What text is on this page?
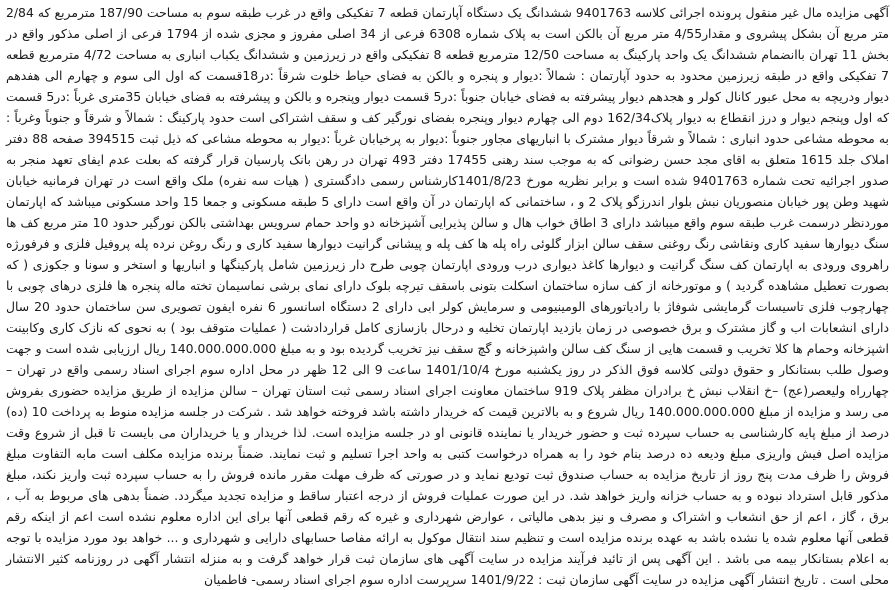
آگهی مزایده مال غیر منقول پرونده اجرائی کلاسه 9401763 ششدانگ یک دستگاه آپارتمان قطعه 7 تفکیکی واقع در غرب طبقه سوم به مساحت 187/90 مترمربع که 2/84 متر مربع آن بشکل پیشروی و مقدار4/55 متر مربع آن بالکن است به پلاک شماره 6308 فرعی از 34 اصلی مفروز و مجزی شده از 1794 فرعی از اصلی مذکور واقع در بخش 11 تهران باانضمام ششدانگ یک واحد پارکینگ به مساحت 12/50 مترمربع قطعه 8 تفکیکی واقع در زیرزمین و ششدانگ یکباب انباری به مساحت 4/72 مترمربع قطعه 7 تفکیکی واقع در طبقه زیرزمین محدود به حدود آپارتمان : شمالاً :دیوار و پنجره و بالکن به فضای حیاط خلوت شرقاً :در18قسمت که اول الی سوم و چهارم الی هفدهم دیوار ودریچه به محل عبور کانال کولر و هجدهم دیوار پیشرفته به فضای خیابان جنوباً :در5 قسمت دیوار وپنجره و بالکن و پیشرفته به فضای خیابان 35متری غرباً :در5 قسمت که اول وپنجم دیوار و درز انقطاع به دیوار پلاک162/34 دوم الی چهارم دیوار وپنجره بفضای نورگیر کف و سقف اشتراکی است حدود پارکینگ : شمالاً و شرقاً و جنوباً وغرباً : به محوطه مشاعی حدود انباری : شمالاً و شرقاً دیوار مشترک با انباریهای مجاور جنوباً :دیوار به پرخیابان غرباً :دیوار به محوطه مشاعی که ذیل ثبت 394515 صفحه 88 دفتر املاک جلد 1615 متعلق به اقای مجد حسن رضوانی که به موجب سند رهنی 17455 دفتر 493 تهران در رهن بانک پارسیان قرار گرفته که بعلت عدم ایفای تعهد منجر به صدور اجرائیه تحت شماره 9401763 شده است و برابر نظریه مورخ 1401/8/23کارشناس رسمی دادگستری ( هیات سه نفره) ملک واقع است در تهران فرمانیه خیابان شهید وطن پور خیابان منصوریان نبش بلوار اندرزگو پلاک 2 و ، ساختمانی که اپارتمان در آن واقع است دارای 5 طبقه مسکونی و جمعا 15 واحد مسکونی میباشد که اپارتمان موردنظر درسمت غرب طبقه سوم واقع میباشد دارای 3 اطاق خواب هال و سالن پذیرایی آشپزخانه دو واحد حمام سرویس بهداشتی بالکن نورگیر حدود 10 متر مربع کف ها سنگ دیوارها سفید کاری ونقاشی رنگ روغنی سقف سالن ابزار گلوئی راه پله ها کف پله و پیشانی گرانیت دیوارها سفید کاری و رنگ روغن نرده پله پروفیل فلزی و فرفورژه راهروی ورودی به اپارتمان کف سنگ گرانیت و دیوارها کاغذ دیواری درب ورودی اپارتمان چوبی طرح دار زیرزمین شامل پارکینگها و انباریها و استخر و سونا و جکوزی ( که بصورت تعطیل مشاهده گردید ) و موتورخانه از کف سازه ساختمان اسکلت بتونی باسقف تیرچه بلوک دارای نمای برشی نماسیمان تخته ماله پنجره ها فلزی درهای چوبی با چهارچوب فلزی تاسیسات گرمایشی شوفاژ با رادیاتورهای الومینیومی و سرمایش کولر ابی دارای 2 دستگاه اسانسور 6 نفره ایفون تصویری سن ساختمان حدود 20 سال دارای انشعابات اب و گاز مشترک و برق خصوصی در زمان بازدید اپارتمان تخلیه و درحال بازسازی کامل قراردادشت ( عملیات متوقف بود ) به نحوی که نازک کاری وکابینت اشپزخانه وحمام ها کلا تخریب و قسمت هایی از سنگ کف سالن واشپزخانه و گچ سقف نیز تخریب گردیده بود و به مبلغ 140.000.000.000 ریال ارزیابی شده است و جهت وصول طلب بستانکار و حقوق دولتی کلاسه فوق الذکر در روز یکشنبه مورخ 1401/10/4 ساعت 9 الی 12 ظهر در محل اداره سوم اجرای اسناد رسمی واقع در تهران – چهارراه ولیعصر(عج) –خ انقلاب نبش خ برادران مظفر پلاک 919 ساختمان معاونت اجرای اسناد رسمی ثبت استان تهران – سالن مزایده از طریق مزایده حضوری بفروش می رسد و مزایده از مبلغ 140.000.000.000 ریال شروع و به بالاترین قیمت که خریدار داشته باشد فروخته خواهد شد . شرکت در جلسه مزایده منوط به پرداخت 10 (ده) درصد از مبلغ پایه کارشناسی به حساب سپرده ثبت و حضور خریدار یا نماینده قانونی او در جلسه مزایده است. لذا خریدار و یا خریداران می بایست تا قبل از شروع وقت مزایده اصل فیش واریزی مبلغ ودیعه ده درصد بنام خود را به همراه درخواست کتبی به واحد اجرا تسلیم و ثبت نمایند. ضمناً برنده مزایده مکلف است مابه التفاوت مبلغ فروش را ظرف مدت پنج روز از تاریخ مزایده به حساب صندوق ثبت تودیع نماید و در صورتی که ظرف مهلت مقرر مانده فروش را به حساب سپرده ثبت واریز نکند، مبلغ مذکور قابل استرداد نبوده و به حساب خزانه واریز خواهد شد. در این صورت عملیات فروش از درجه اعتبار ساقط و مزایده تجدید میگردد. ضمناً بدهی های مربوط به آب ، برق ، گاز ، اعم از حق انشعاب و اشتراک و مصرف و نیز بدهی مالیاتی ، عوارض شهرداری و غیره که رقم قطعی آنها برای این اداره معلوم نشده است اعم از اینکه رقم قطعی آنها معلوم شده یا نشده باشد به عهده برنده مزایده است و تنظیم سند انتقال موکول به ارائه مفاصا حسابهای دارایی و شهرداری و ... خواهد بود مورد مزایده با توجه به اعلام بستانکار بیمه می باشد . این آگهی پس از تائید فرآیند مزایده در سایت آگهی های سازمان ثبت قرار خواهد گرفت و به منزله انتشار آگهی در روزنامه کثیر الانتشار محلی است . تاریخ انتشار آگهی مزایده در سایت آگهی سازمان ثبت : 1401/9/22 سرپرست اداره سوم اجرای اسناد رسمی- فاطمیان
